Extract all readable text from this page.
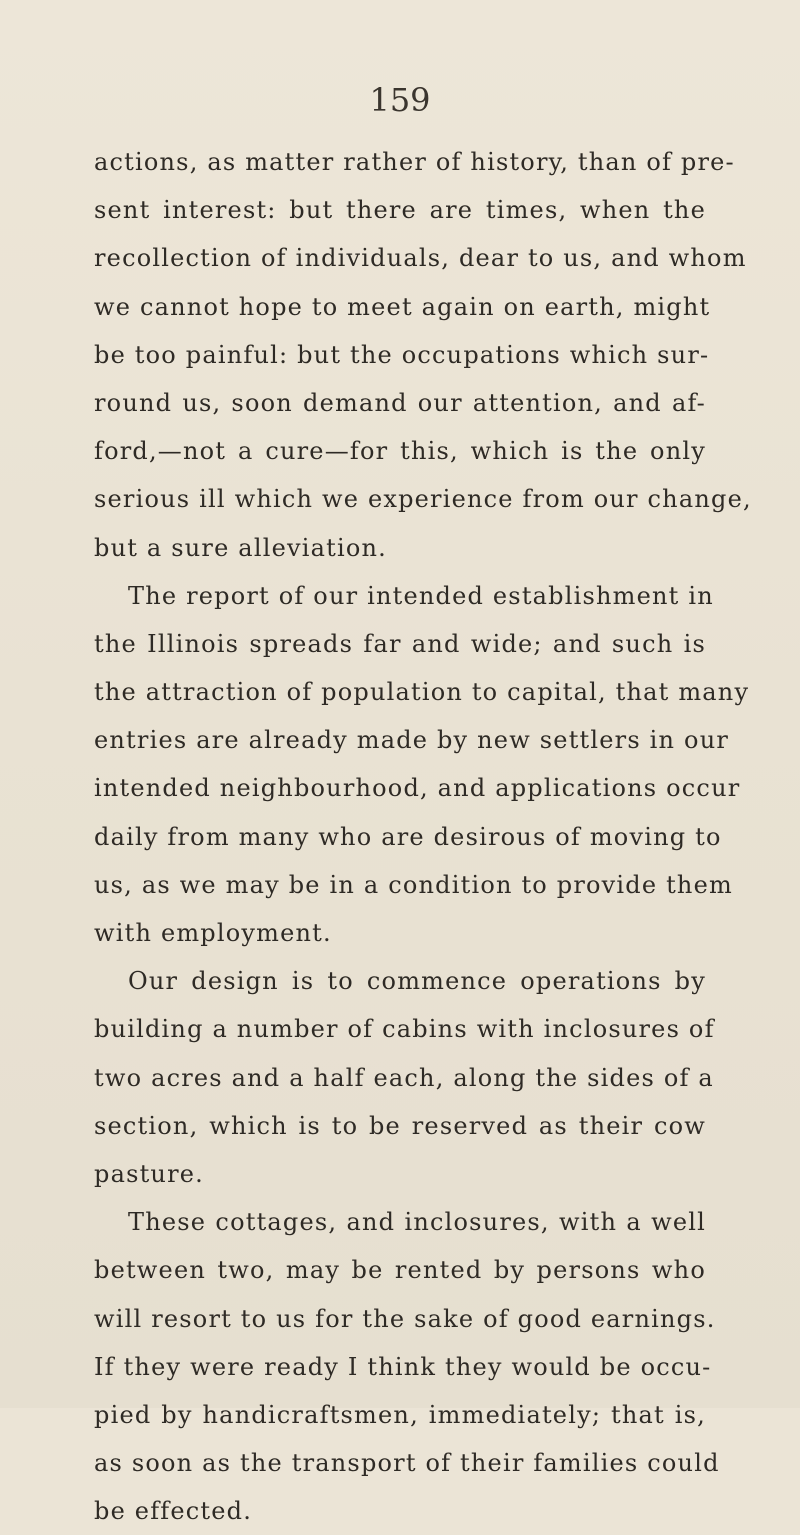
159
actions, as matter rather of history, than of pre-
sent interest: but there are times, when the
recollection of individuals, dear to us, and whom
we cannot hope to meet again on earth, might
be too painful: but the occupations which sur-
round us, soon demand our attention, and af-
ford,—not a cure—for this, which is the only
serious ill which we experience from our change,
but a sure alleviation.
The report of our intended establishment in
the Illinois spreads far and wide; and such is
the attraction of population to capital, that many
entries are already made by new settlers in our
intended neighbourhood, and applications occur
daily from many who are desirous of moving to
us, as we may be in a condition to provide them
with employment.
Our design is to commence operations by
building a number of cabins with inclosures of
two acres and a half each, along the sides of a
section, which is to be reserved as their cow
pasture.
These cottages, and inclosures, with a well
between two, may be rented by persons who
will resort to us for the sake of good earnings.
If they were ready I think they would be occu-
pied by handicraftsmen, immediately; that is,
as soon as the transport of their families could
be effected.
